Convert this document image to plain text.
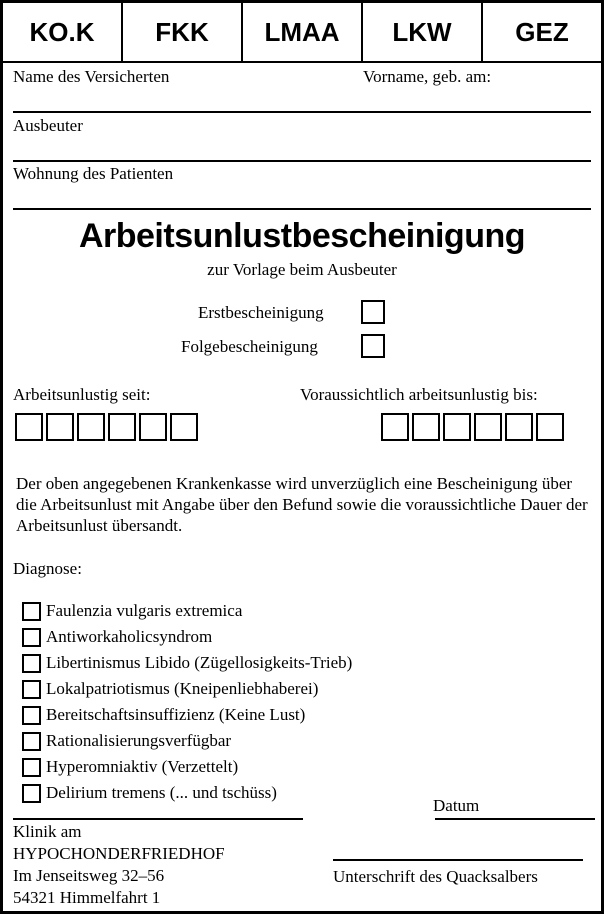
KO.K	FKK	LMAA	LKW	GEZ
Name des Versicherten	Vorname, geb. am:
Ausbeuter
Wohnung des Patienten
Arbeitsunlustbescheinigung
zur Vorlage beim Ausbeuter
Erstbescheinigung
Folgebescheinigung
Arbeitsunlustig seit:	Voraussichtlich arbeitsunlustig bis:
Der oben angegebenen Krankenkasse wird unverzüglich eine Bescheinigung über die Arbeitsunlust mit Angabe über den Befund sowie die voraussichtliche Dauer der Arbeitsunlust übersandt.
Diagnose:
Faulenzia vulgaris extremica
Antiworkaholicsyndrom
Libertinismus Libido (Zügellosigkeits-Trieb)
Lokalpatriotismus (Kneipenliebhaberei)
Bereitschaftsinsuffizienz (Keine Lust)
Rationalisierungsverfügbar
Hyperomniaktiv (Verzettelt)
Delirium tremens (... und tschüss)
Datum
Klinik am
HYPOCHONDERFRIEDHOF
Im Jenseitsweg 32–56
54321 Himmelfahrt 1
Unterschrift des Quacksalbers
